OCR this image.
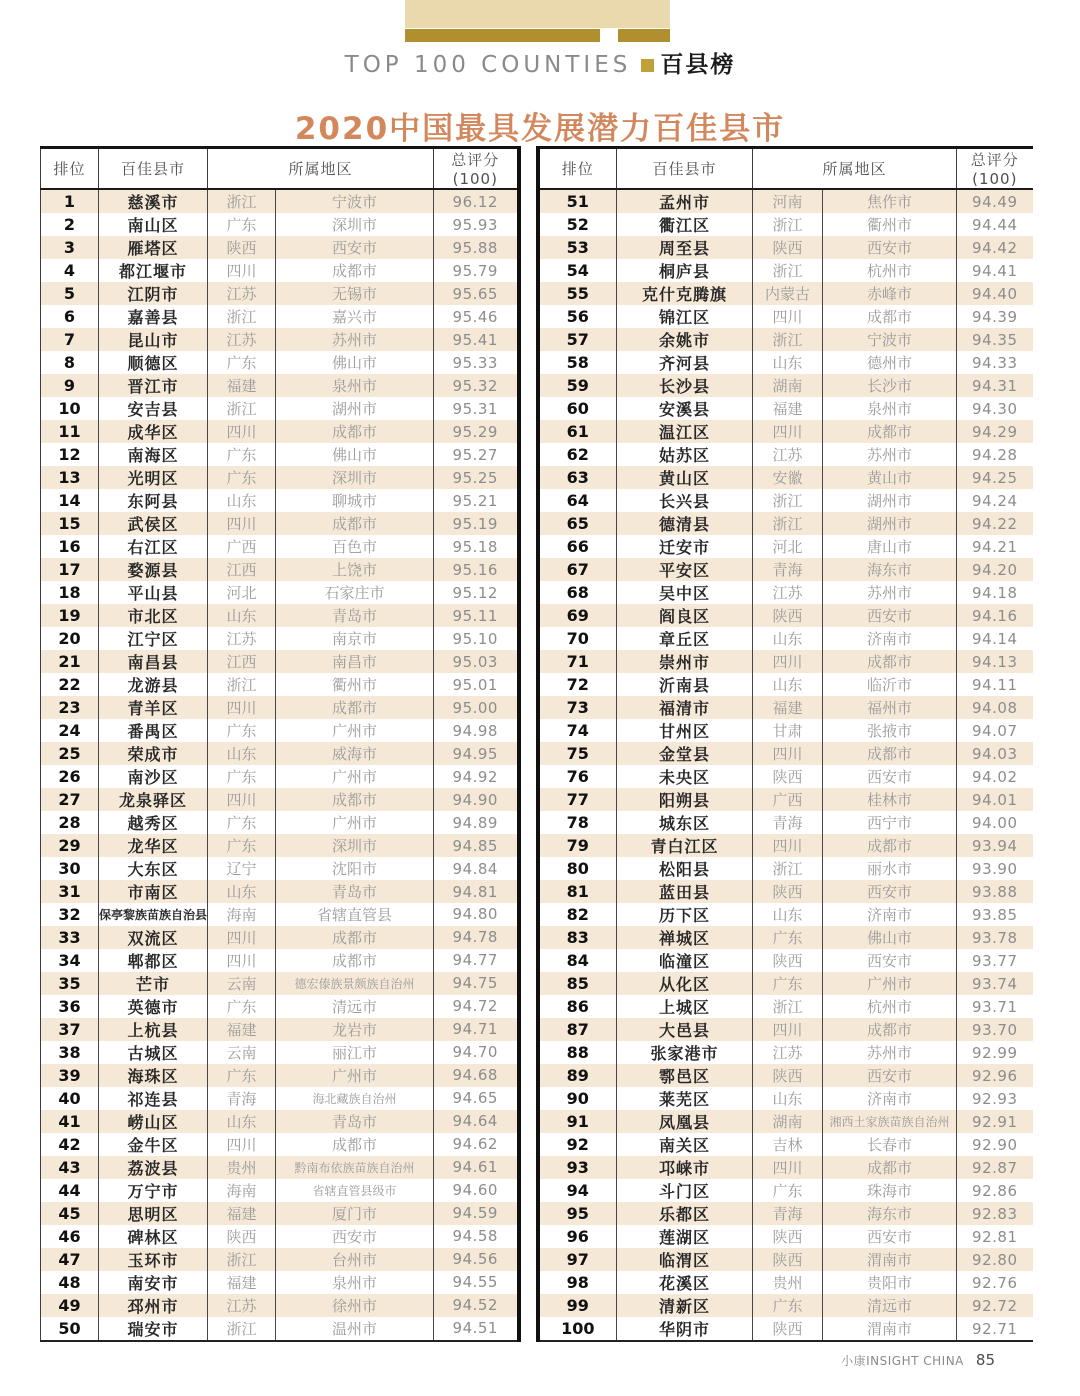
TOP 100 COUNTIES 百县榜
2020中国最具发展潜力百佳县市
排位	百佳县市	所属地区		总评分(100)
1	慈溪市	浙江	宁波市	96.12
2	南山区	广东	深圳市	95.93
3	雁塔区	陕西	西安市	95.88
4	都江堰市	四川	成都市	95.79
5	江阴市	江苏	无锡市	95.65
6	嘉善县	浙江	嘉兴市	95.46
7	昆山市	江苏	苏州市	95.41
8	顺德区	广东	佛山市	95.33
9	晋江市	福建	泉州市	95.32
10	安吉县	浙江	湖州市	95.31
11	成华区	四川	成都市	95.29
12	南海区	广东	佛山市	95.27
13	光明区	广东	深圳市	95.25
14	东阿县	山东	聊城市	95.21
15	武侯区	四川	成都市	95.19
16	右江区	广西	百色市	95.18
17	婺源县	江西	上饶市	95.16
18	平山县	河北	石家庄市	95.12
19	市北区	山东	青岛市	95.11
20	江宁区	江苏	南京市	95.10
21	南昌县	江西	南昌市	95.03
22	龙游县	浙江	衢州市	95.01
23	青羊区	四川	成都市	95.00
24	番禺区	广东	广州市	94.98
25	荣成市	山东	威海市	94.95
26	南沙区	广东	广州市	94.92
27	龙泉驿区	四川	成都市	94.90
28	越秀区	广东	广州市	94.89
29	龙华区	广东	深圳市	94.85
30	大东区	辽宁	沈阳市	94.84
31	市南区	山东	青岛市	94.81
32	保亭黎族苗族自治县	海南	省辖直管县	94.80
33	双流区	四川	成都市	94.78
34	郫都区	四川	成都市	94.77
35	芒市	云南	德宏傣族景颇族自治州	94.75
36	英德市	广东	清远市	94.72
37	上杭县	福建	龙岩市	94.71
38	古城区	云南	丽江市	94.70
39	海珠区	广东	广州市	94.68
40	祁连县	青海	海北藏族自治州	94.65
41	崂山区	山东	青岛市	94.64
42	金牛区	四川	成都市	94.62
43	荔波县	贵州	黔南布依族苗族自治州	94.61
44	万宁市	海南	省辖直管县级市	94.60
45	思明区	福建	厦门市	94.59
46	碑林区	陕西	西安市	94.58
47	玉环市	浙江	台州市	94.56
48	南安市	福建	泉州市	94.55
49	邳州市	江苏	徐州市	94.52
50	瑞安市	浙江	温州市	94.51
排位	百佳县市	所属地区		总评分(100)
51	孟州市	河南	焦作市	94.49
52	衢江区	浙江	衢州市	94.44
53	周至县	陕西	西安市	94.42
54	桐庐县	浙江	杭州市	94.41
55	克什克腾旗	内蒙古	赤峰市	94.40
56	锦江区	四川	成都市	94.39
57	余姚市	浙江	宁波市	94.35
58	齐河县	山东	德州市	94.33
59	长沙县	湖南	长沙市	94.31
60	安溪县	福建	泉州市	94.30
61	温江区	四川	成都市	94.29
62	姑苏区	江苏	苏州市	94.28
63	黄山区	安徽	黄山市	94.25
64	长兴县	浙江	湖州市	94.24
65	德清县	浙江	湖州市	94.22
66	迁安市	河北	唐山市	94.21
67	平安区	青海	海东市	94.20
68	吴中区	江苏	苏州市	94.18
69	阎良区	陕西	西安市	94.16
70	章丘区	山东	济南市	94.14
71	崇州市	四川	成都市	94.13
72	沂南县	山东	临沂市	94.11
73	福清市	福建	福州市	94.08
74	甘州区	甘肃	张掖市	94.07
75	金堂县	四川	成都市	94.03
76	未央区	陕西	西安市	94.02
77	阳朔县	广西	桂林市	94.01
78	城东区	青海	西宁市	94.00
79	青白江区	四川	成都市	93.94
80	松阳县	浙江	丽水市	93.90
81	蓝田县	陕西	西安市	93.88
82	历下区	山东	济南市	93.85
83	禅城区	广东	佛山市	93.78
84	临潼区	陕西	西安市	93.77
85	从化区	广东	广州市	93.74
86	上城区	浙江	杭州市	93.71
87	大邑县	四川	成都市	93.70
88	张家港市	江苏	苏州市	92.99
89	鄠邑区	陕西	西安市	92.96
90	莱芜区	山东	济南市	92.93
91	凤凰县	湖南	湘西土家族苗族自治州	92.91
92	南关区	吉林	长春市	92.90
93	邛崃市	四川	成都市	92.87
94	斗门区	广东	珠海市	92.86
95	乐都区	青海	海东市	92.83
96	莲湖区	陕西	西安市	92.81
97	临渭区	陕西	渭南市	92.80
98	花溪区	贵州	贵阳市	92.76
99	清新区	广东	清远市	92.72
100	华阴市	陕西	渭南市	92.71
小康INSIGHT CHINA 85
